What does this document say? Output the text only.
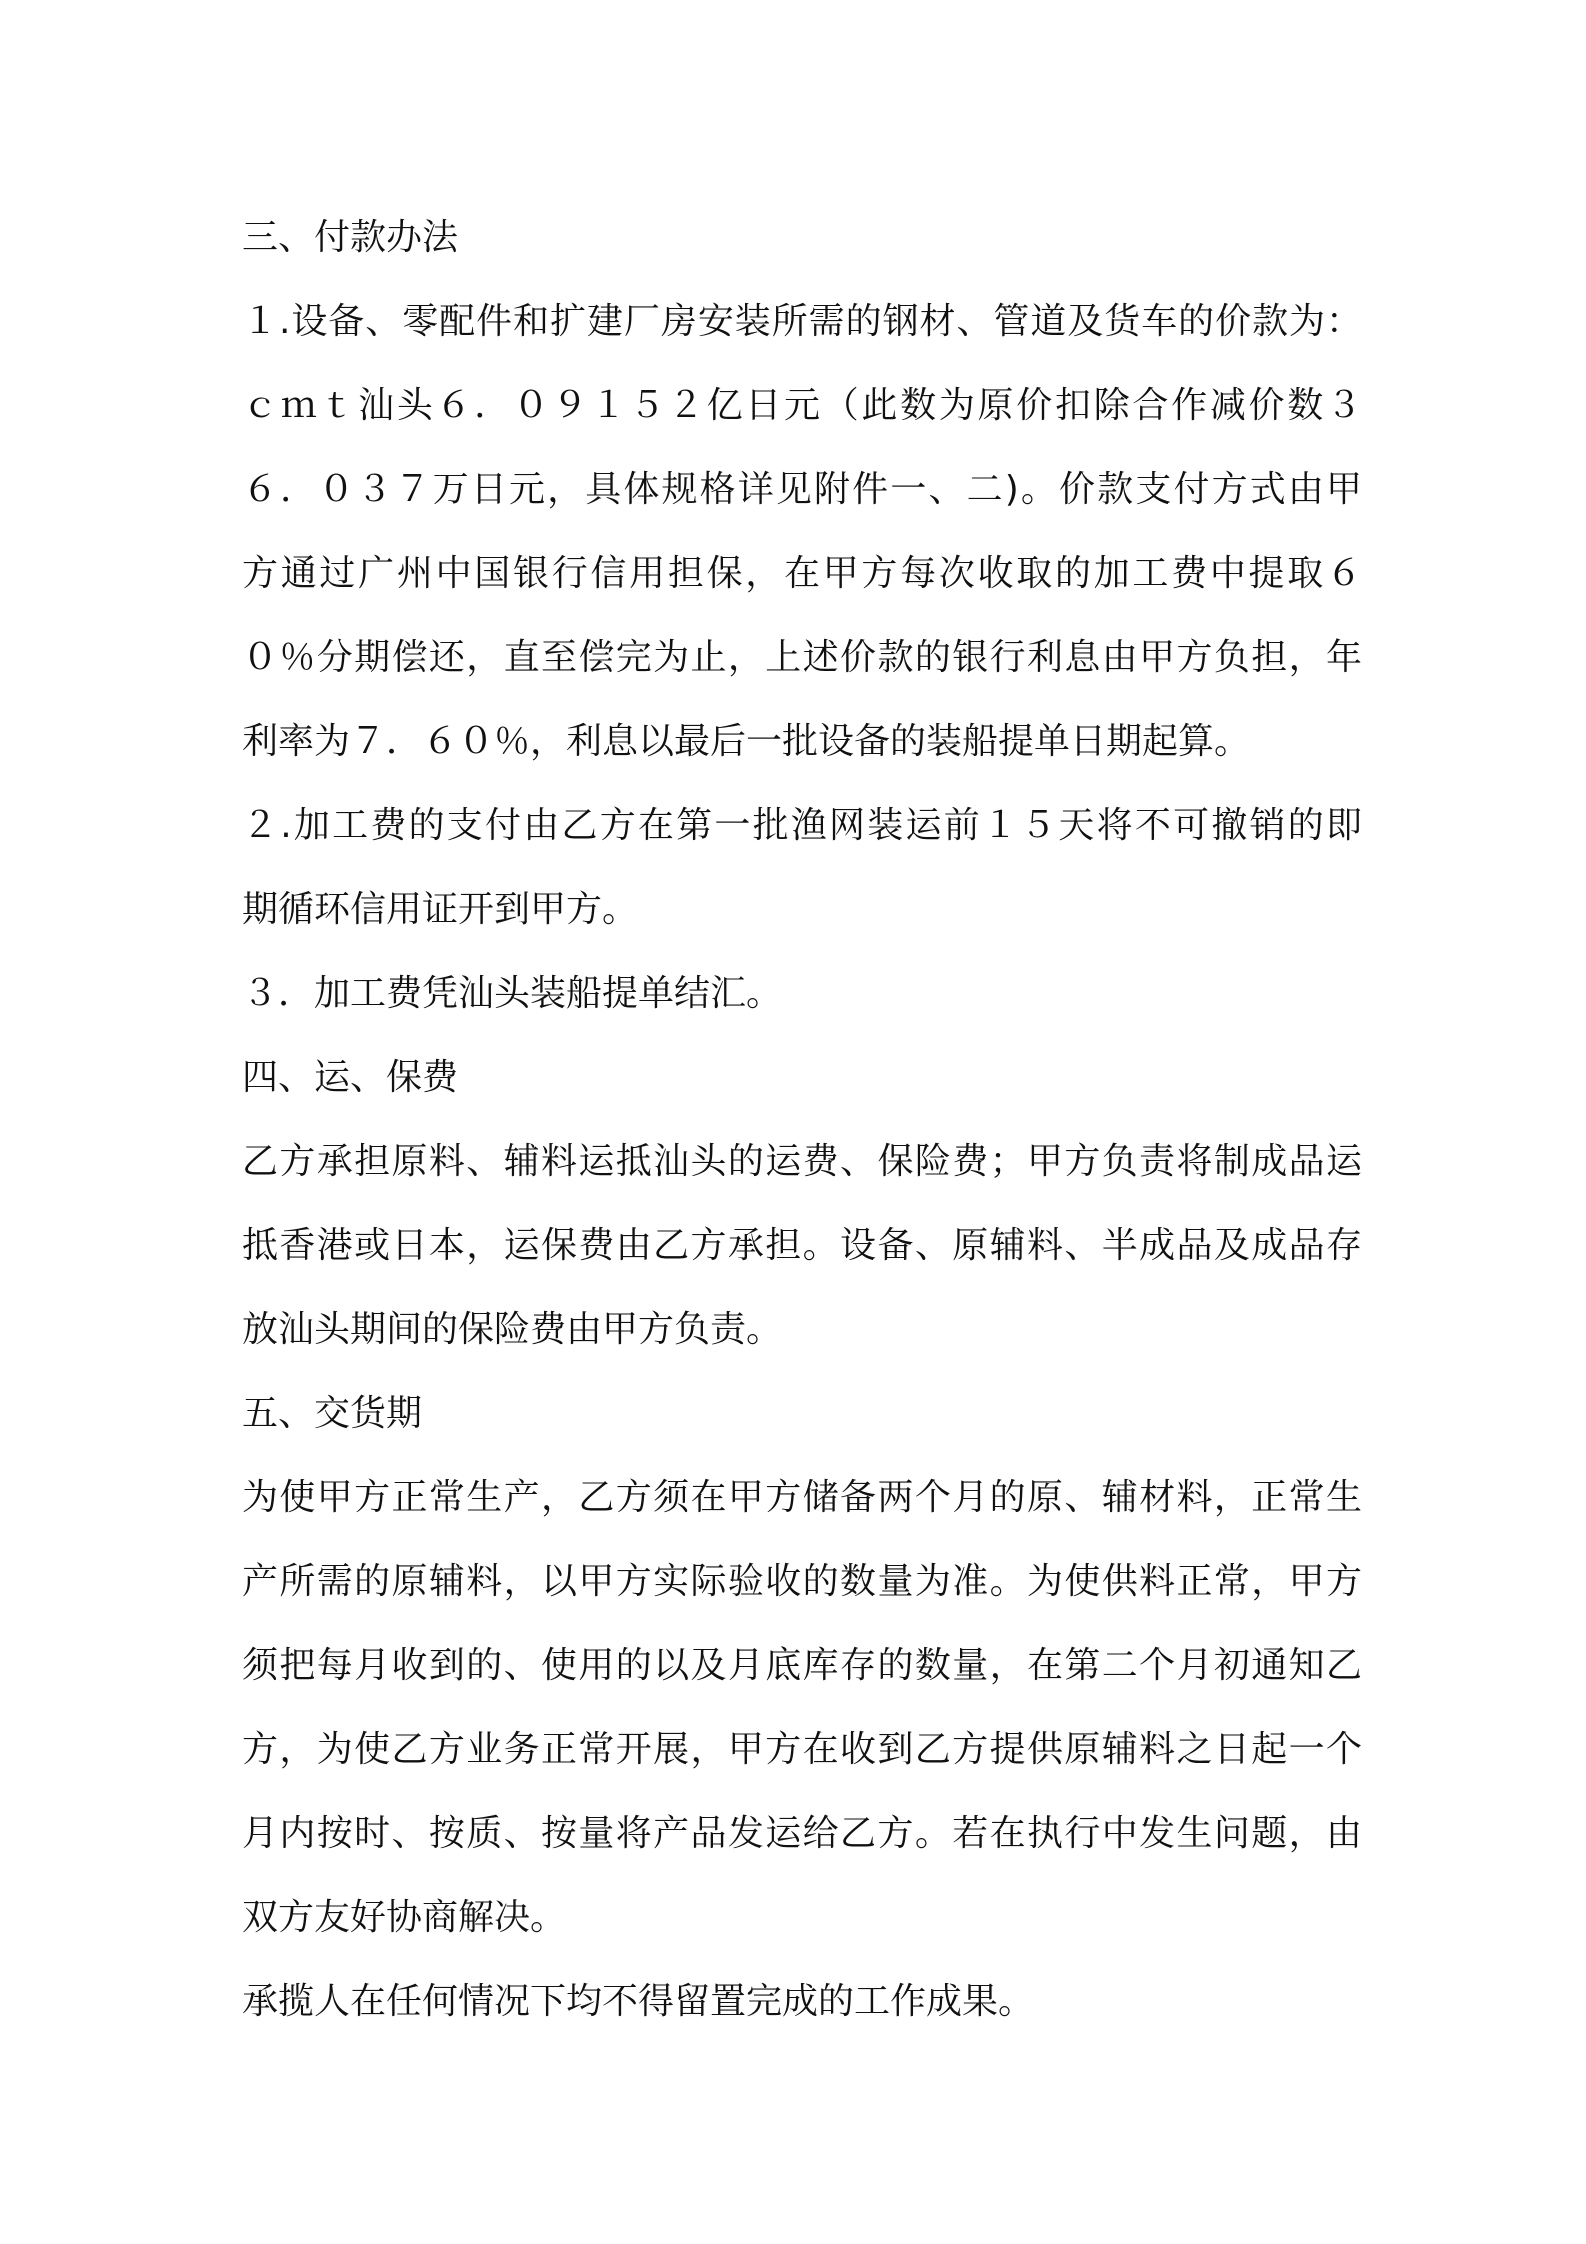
三、付款办法
１.设备、零配件和扩建厂房安装所需的钢材、管道及货车的价款为：
ｃｍｔ汕头６．０９１５２亿日元（此数为原价扣除合作减价数３
６．０３７万日元，具体规格详见附件一、二)。价款支付方式由甲
方通过广州中国银行信用担保，在甲方每次收取的加工费中提取６
０％分期偿还，直至偿完为止，上述价款的银行利息由甲方负担，年
利率为７．６０％，利息以最后一批设备的装船提单日期起算。
２.加工费的支付由乙方在第一批渔网装运前１５天将不可撤销的即
期循环信用证开到甲方。
３．加工费凭汕头装船提单结汇。
四、运、保费
乙方承担原料、辅料运抵汕头的运费、保险费；甲方负责将制成品运
抵香港或日本，运保费由乙方承担。设备、原辅料、半成品及成品存
放汕头期间的保险费由甲方负责。
五、交货期
为使甲方正常生产，乙方须在甲方储备两个月的原、辅材料，正常生
产所需的原辅料，以甲方实际验收的数量为准。为使供料正常，甲方
须把每月收到的、使用的以及月底库存的数量，在第二个月初通知乙
方，为使乙方业务正常开展，甲方在收到乙方提供原辅料之日起一个
月内按时、按质、按量将产品发运给乙方。若在执行中发生问题，由
双方友好协商解决。
承揽人在任何情况下均不得留置完成的工作成果。
